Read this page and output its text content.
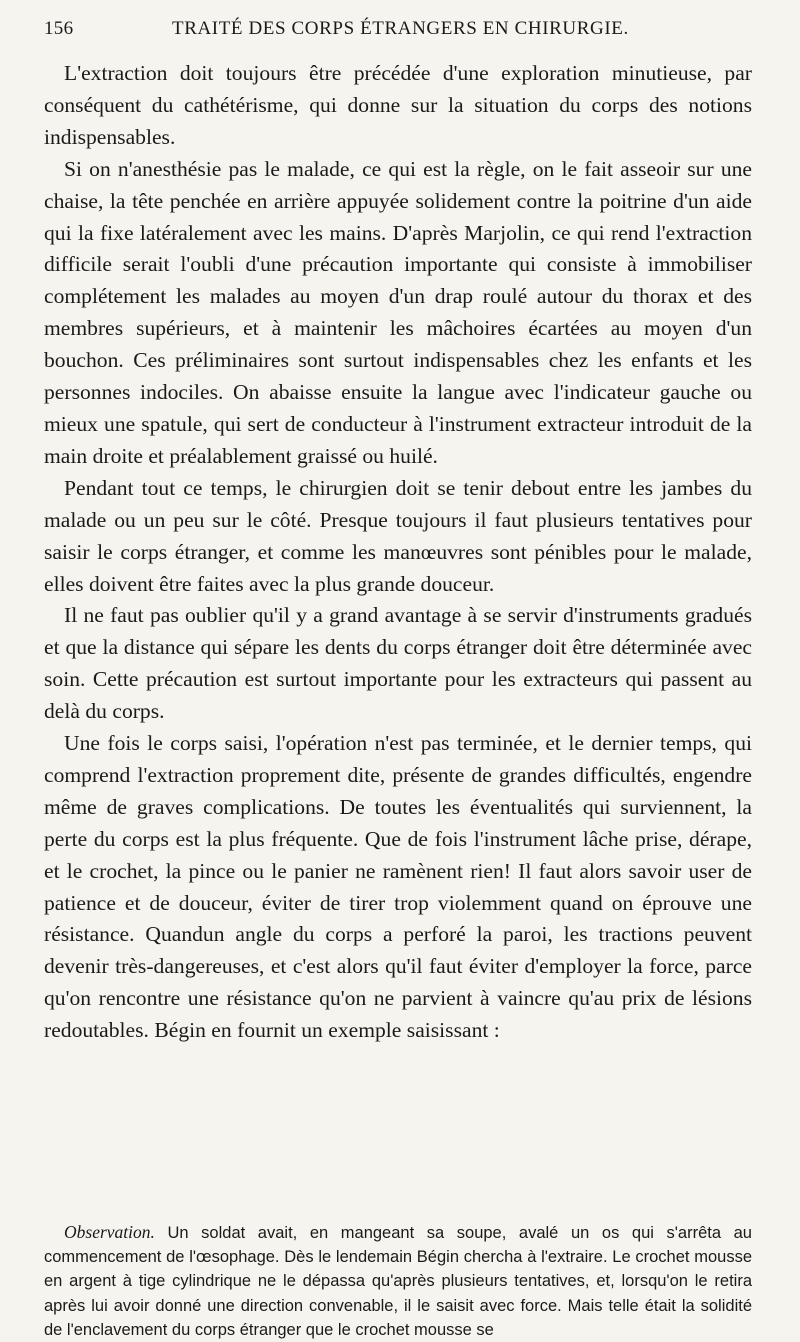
156	TRAITÉ DES CORPS ÉTRANGERS EN CHIRURGIE.

L'extraction doit toujours être précédée d'une exploration minutieuse, par conséquent du cathétérisme, qui donne sur la situation du corps des notions indispensables.

Si on n'anesthésie pas le malade, ce qui est la règle, on le fait asseoir sur une chaise, la tête penchée en arrière appuyée solidement contre la poitrine d'un aide qui la fixe latéralement avec les mains. D'après Marjolin, ce qui rend l'extraction difficile serait l'oubli d'une précaution importante qui consiste à immobiliser complétement les malades au moyen d'un drap roulé autour du thorax et des membres supérieurs, et à maintenir les mâchoires écartées au moyen d'un bouchon. Ces préliminaires sont surtout indispensables chez les enfants et les personnes indociles. On abaisse ensuite la langue avec l'indicateur gauche ou mieux une spatule, qui sert de conducteur à l'instrument extracteur introduit de la main droite et préalablement graissé ou huilé.

Pendant tout ce temps, le chirurgien doit se tenir debout entre les jambes du malade ou un peu sur le côté. Presque toujours il faut plusieurs tentatives pour saisir le corps étranger, et comme les manœuvres sont pénibles pour le malade, elles doivent être faites avec la plus grande douceur.

Il ne faut pas oublier qu'il y a grand avantage à se servir d'instruments gradués et que la distance qui sépare les dents du corps étranger doit être déterminée avec soin. Cette précaution est surtout importante pour les extracteurs qui passent au delà du corps.

Une fois le corps saisi, l'opération n'est pas terminée, et le dernier temps, qui comprend l'extraction proprement dite, présente de grandes difficultés, engendre même de graves complications. De toutes les éventualités qui surviennent, la perte du corps est la plus fréquente. Que de fois l'instrument lâche prise, dérape, et le crochet, la pince ou le panier ne ramènent rien! Il faut alors savoir user de patience et de douceur, éviter de tirer trop violemment quand on éprouve une résistance. Quandun angle du corps a perforé la paroi, les tractions peuvent devenir très-dangereuses, et c'est alors qu'il faut éviter d'employer la force, parce qu'on rencontre une résistance qu'on ne parvient à vaincre qu'au prix de lésions redoutables. Bégin en fournit un exemple saisissant :

Observation. Un soldat avait, en mangeant sa soupe, avalé un os qui s'arrêta au commencement de l'œsophage. Dès le lendemain Bégin chercha à l'extraire. Le crochet mousse en argent à tige cylindrique ne le dépassa qu'après plusieurs tentatives, et, lorsqu'on le retira après lui avoir donné une direction convenable, il le saisit avec force. Mais telle était la solidité de l'enclavement du corps étranger que le crochet mousse se
